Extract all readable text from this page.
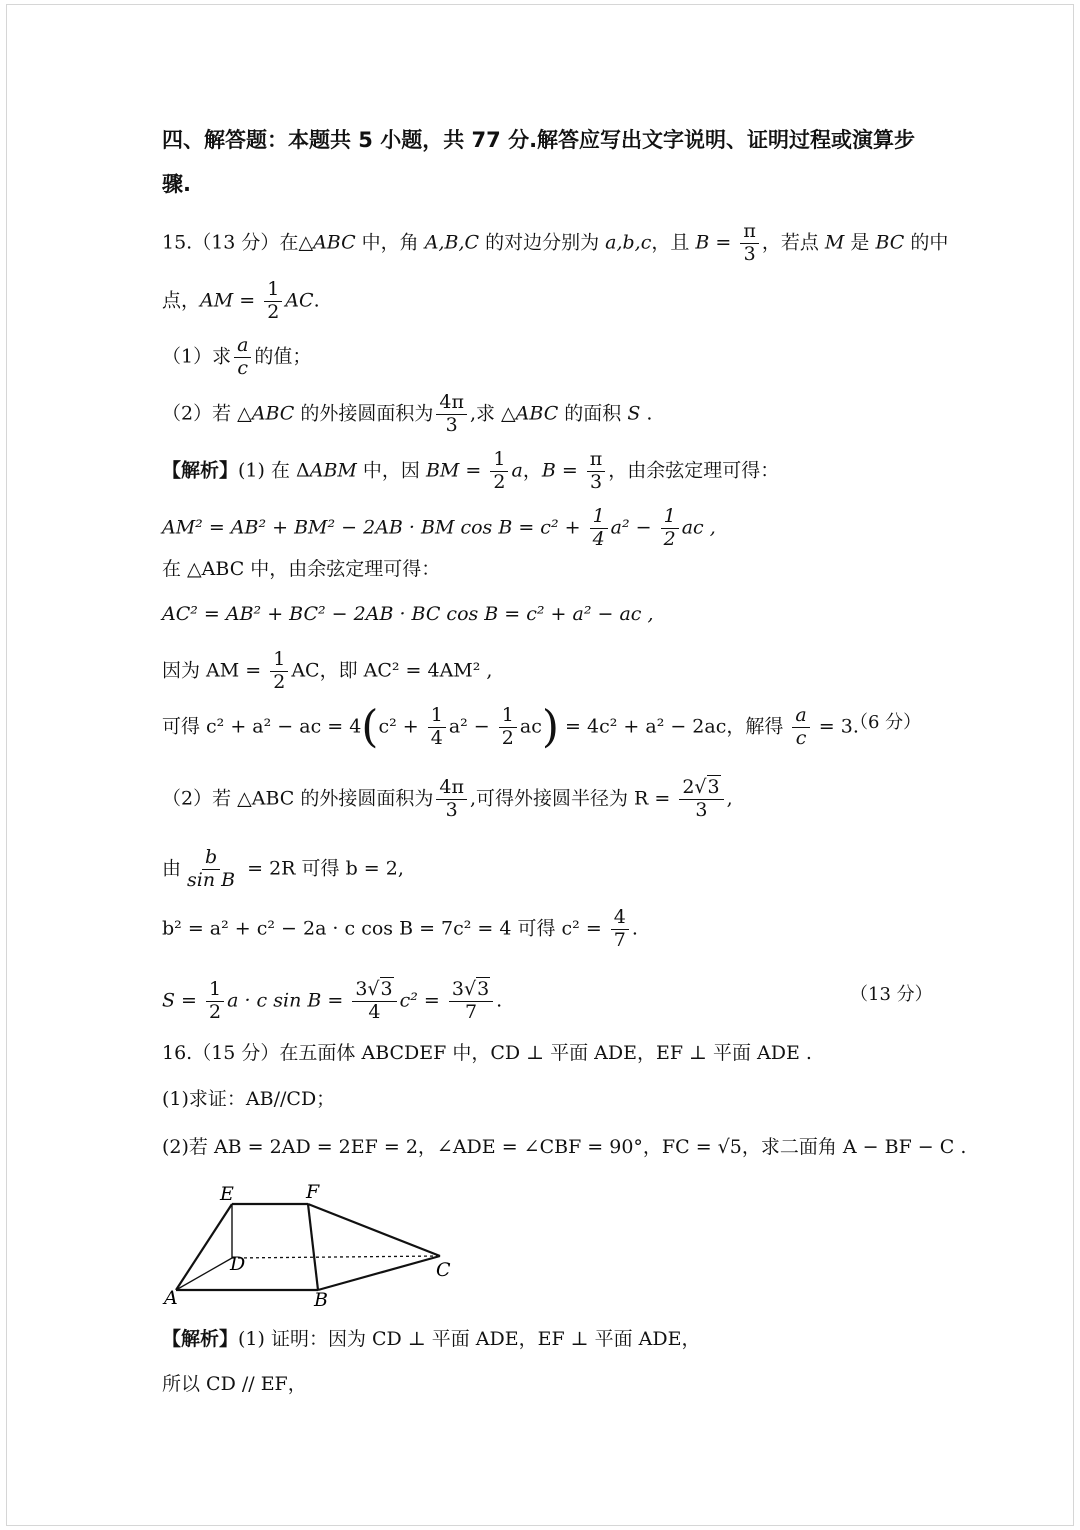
四、解答题：本题共 5 小题，共 77 分.解答应写出文字说明、证明过程或演算步
骤.
15.（13 分）在△ABC 中，角 A,B,C 的对边分别为 a,b,c，且 $B = \frac{\pi}{3}$ ，若点 M 是 BC 的中
点，AM = $\frac{1}{2}$ AC.
（1）求 $\frac{a}{c}$ 的值；
（2）若 △ABC 的外接圆面积为 $\frac{4\pi}{3}$ ,求 △ABC 的面积 S .
【解析】(1) 在 ΔABM 中，因 BM = $\frac{1}{2}$ a，$B = \frac{\pi}{3}$ ，由余弦定理可得：
AM² = AB² + BM² − 2AB · BM $\cos B = c^2 + \frac{1}{4} a^2 - \frac{1}{2}$ ac ,
在 △ABC 中，由余弦定理可得：
AC² = AB² + BC² − 2AB · BC cos B = c² + a² − ac ,
因为 AM = $\frac{1}{2}$ AC，即 AC² = 4AM² ,
可得 c² + a² − ac = $4(c^2 + \frac{1}{4} a^2 - \frac{1}{2} ac) = 4c^2 + a^2 - 2ac$，解得 $\frac{a}{c} = 3$.
（6 分）
（2）若 △ABC 的外接圆面积为 $\frac{4\pi}{3}$ ,可得外接圆半径为 $R = \frac{2√3}{3}$ ,
由 $\frac{b}{\text{sin B}} = 2R$ 可得 b = 2,
b² = a² + c² − 2a · c cos B = 7c² = 4 可得 $c^2 = \frac{4}{7}$ .
$S = \frac{1}{2}$ a · c $\sin B = \frac{3√3}{4} c^2 = \frac{3√3}{7}$ .	（13 分）
16.（15 分）在五面体 ABCDEF 中，CD ⊥ 平面 ADE，EF ⊥ 平面 ADE .
(1)求证：AB//CD；
(2)若 AB = 2AD = 2EF = 2，∠ADE = ∠CBF = 90°，FC = √5，求二面角 A − BF − C .
E	F
D	C
A	B
【解析】(1) 证明：因为 CD ⊥ 平面 ADE，EF ⊥ 平面 ADE，
所以 CD // EF，
